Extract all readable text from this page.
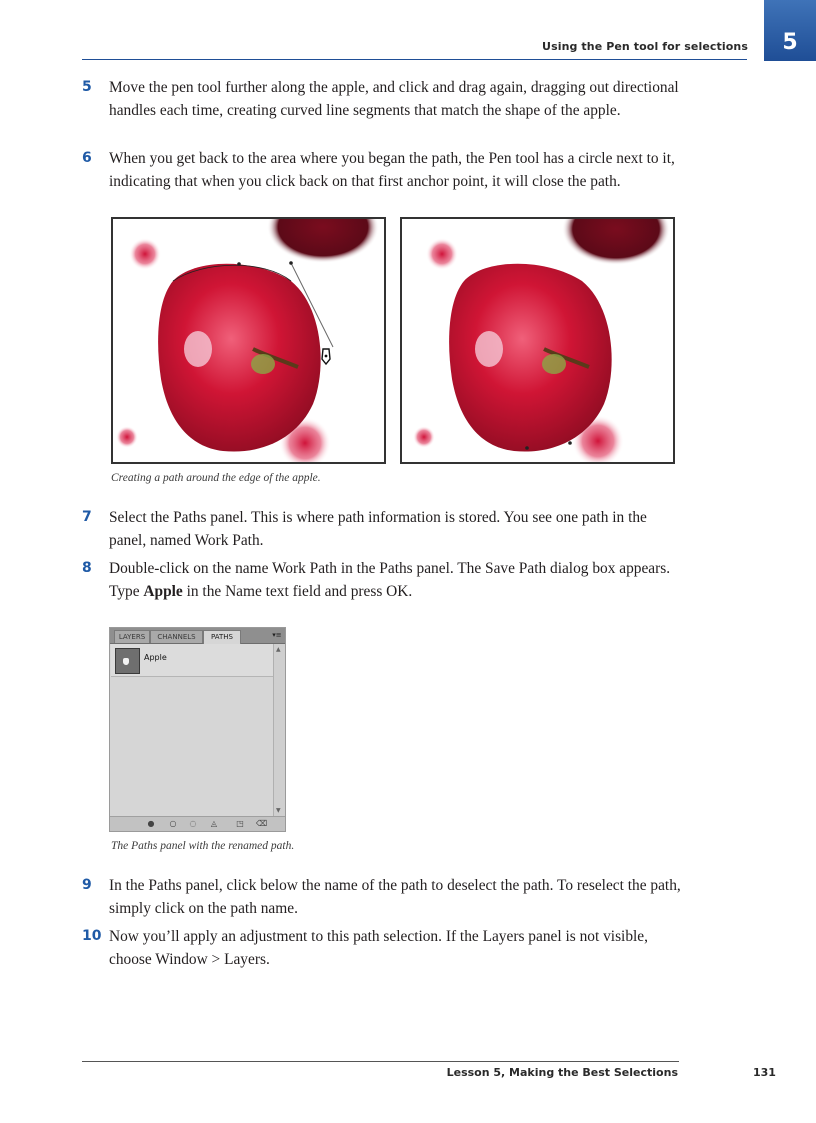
Using the Pen tool for selections	5
5 Move the pen tool further along the apple, and click and drag again, dragging out directional handles each time, creating curved line segments that match the shape of the apple.
6 When you get back to the area where you began the path, the Pen tool has a circle next to it, indicating that when you click back on that first anchor point, it will close the path.
Creating a path around the edge of the apple.
7 Select the Paths panel. This is where path information is stored. You see one path in the panel, named Work Path.
8 Double-click on the name Work Path in the Paths panel. The Save Path dialog box appears. Type Apple in the Name text field and press OK.
LAYERS	CHANNELS	PATHS	▾≡
Apple
▲
▼
● ○ ◌ ◬ ◳ ⌫
The Paths panel with the renamed path.
9 In the Paths panel, click below the name of the path to deselect the path. To reselect the path, simply click on the path name.
10 Now you’ll apply an adjustment to this path selection. If the Layers panel is not visible, choose Window > Layers.
Lesson 5, Making the Best Selections	131
